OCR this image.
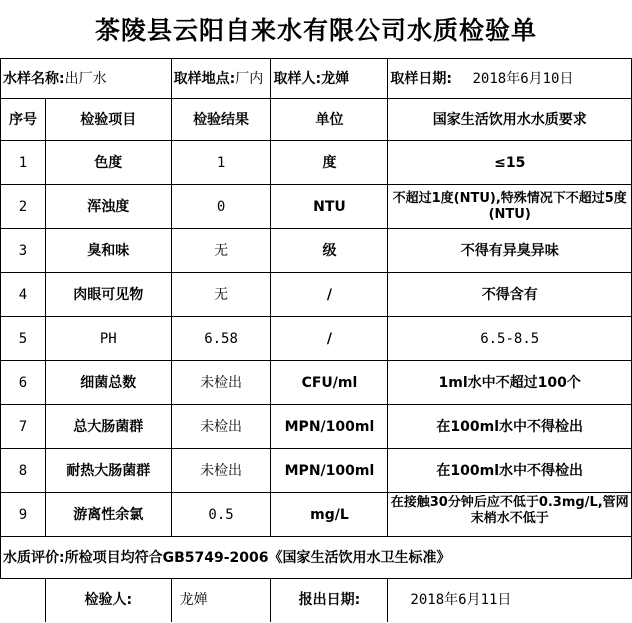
茶陵县云阳自来水有限公司水质检验单
水样名称:出厂水		取样地点:厂内	取样人:龙婵	取样日期: 2018年6月10日
序号	检验项目	检验结果	单位	国家生活饮用水水质要求
1	色度	1	度	≤15
2	浑浊度	0	NTU	不超过1度(NTU),特殊情况下不超过5度(NTU)
3	臭和味	无	级	不得有异臭异味
4	肉眼可见物	无	/	不得含有
5	PH	6.58	/	6.5-8.5
6	细菌总数	未检出	CFU/ml	1ml水中不超过100个
7	总大肠菌群	未检出	MPN/100ml	在100ml水中不得检出
8	耐热大肠菌群	未检出	MPN/100ml	在100ml水中不得检出
9	游离性余氯	0.5	mg/L	在接触30分钟后应不低于0.3mg/L,管网末梢水不低于

水质评价:所检项目均符合GB5749-2006《国家生活饮用水卫生标准》				
	检验人:	龙婵	报出日期:	2018年6月11日
